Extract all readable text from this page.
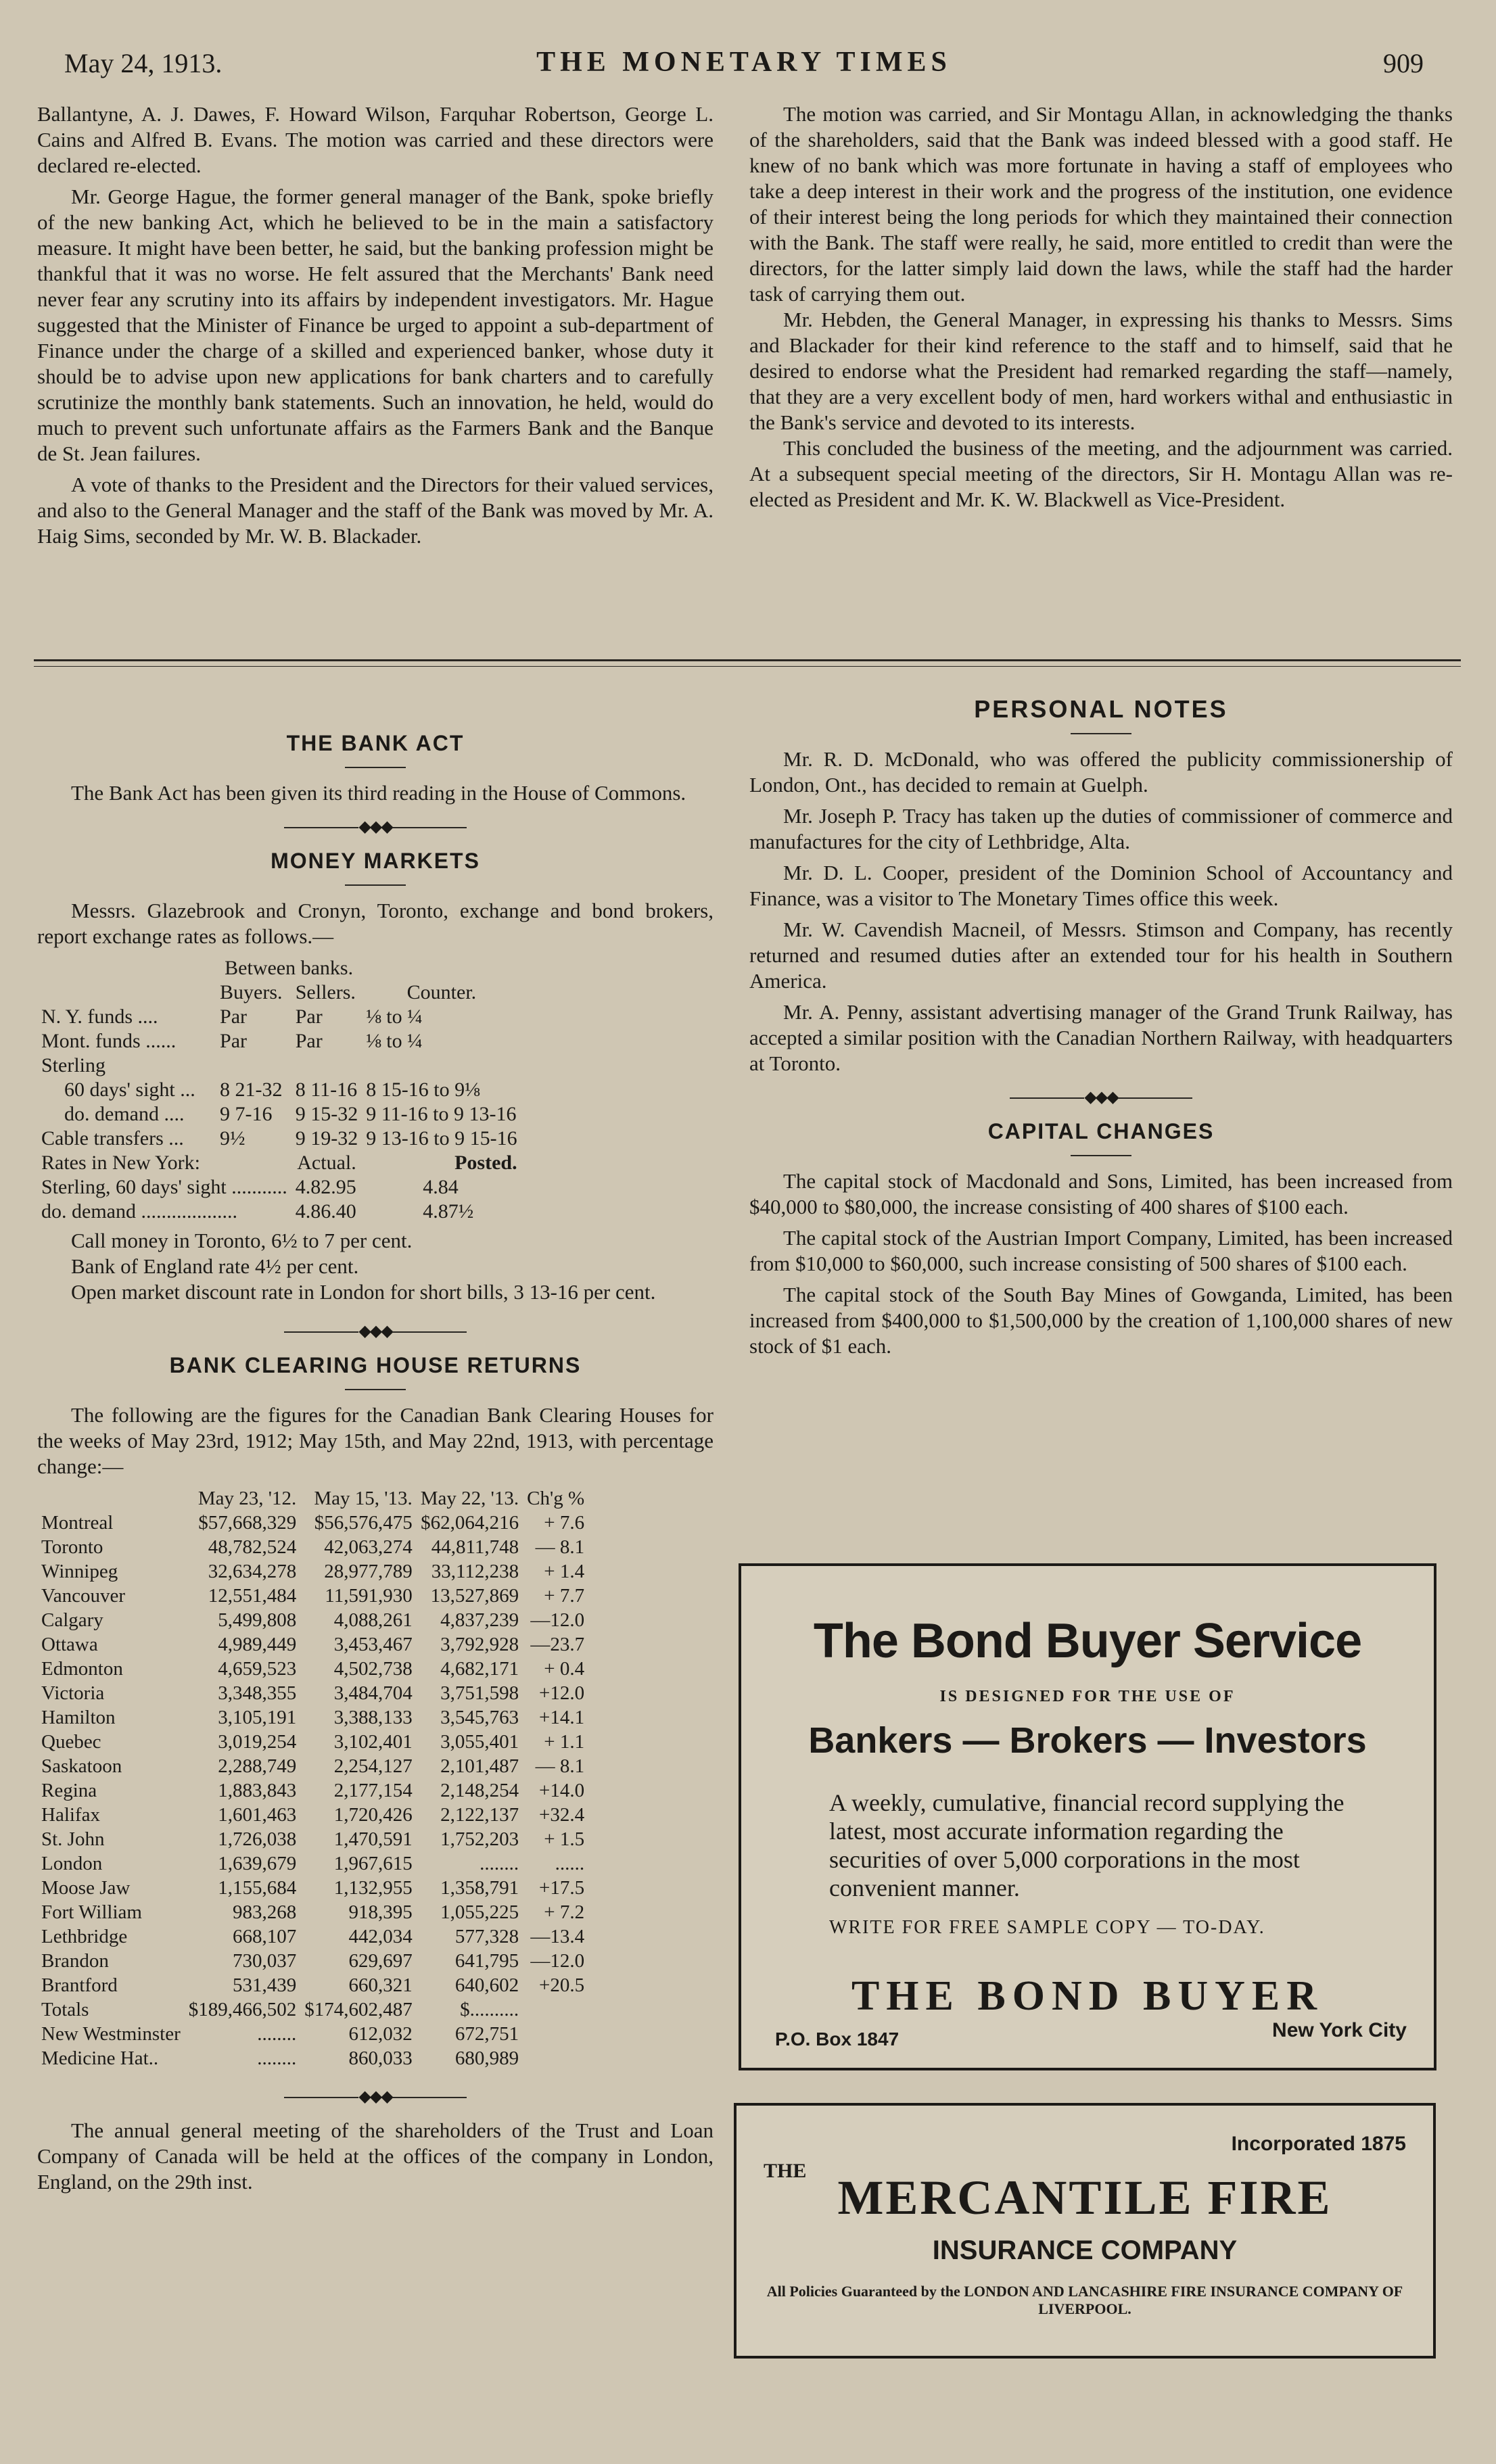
May 24, 1913.	THE MONETARY TIMES	909

Ballantyne, A. J. Dawes, F. Howard Wilson, Farquhar Robertson, George L. Cains and Alfred B. Evans. The motion was carried and these directors were declared re-elected.

Mr. George Hague, the former general manager of the Bank, spoke briefly of the new banking Act, which he believed to be in the main a satisfactory measure. It might have been better, he said, but the banking profession might be thankful that it was no worse. He felt assured that the Merchants' Bank need never fear any scrutiny into its affairs by independent investigators. Mr. Hague suggested that the Minister of Finance be urged to appoint a sub-department of Finance under the charge of a skilled and experienced banker, whose duty it should be to advise upon new applications for bank charters and to carefully scrutinize the monthly bank statements. Such an innovation, he held, would do much to prevent such unfortunate affairs as the Farmers Bank and the Banque de St. Jean failures.

A vote of thanks to the President and the Directors for their valued services, and also to the General Manager and the staff of the Bank was moved by Mr. A. Haig Sims, seconded by Mr. W. B. Blackader.

The motion was carried, and Sir Montagu Allan, in acknowledging the thanks of the shareholders, said that the Bank was indeed blessed with a good staff. He knew of no bank which was more fortunate in having a staff of employees who take a deep interest in their work and the progress of the institution, one evidence of their interest being the long periods for which they maintained their connection with the Bank. The staff were really, he said, more entitled to credit than were the directors, for the latter simply laid down the laws, while the staff had the harder task of carrying them out.

Mr. Hebden, the General Manager, in expressing his thanks to Messrs. Sims and Blackader for their kind reference to the staff and to himself, said that he desired to endorse what the President had remarked regarding the staff—namely, that they are a very excellent body of men, hard workers withal and enthusiastic in the Bank's service and devoted to its interests.

This concluded the business of the meeting, and the adjournment was carried. At a subsequent special meeting of the directors, Sir H. Montagu Allan was re-elected as President and Mr. K. W. Blackwell as Vice-President.

THE BANK ACT

The Bank Act has been given its third reading in the House of Commons.

◆◆◆
MONEY MARKETS

Messrs. Glazebrook and Cronyn, Toronto, exchange and bond brokers, report exchange rates as follows.—

	Between banks.		
	Buyers.	Sellers.	Counter.
N. Y. funds ....	Par	Par	⅛ to ¼
Mont. funds ......	Par	Par	⅛ to ¼
Sterling			
60 days' sight ...	8 21-32	8 11-16	8 15-16 to 9⅛
do. demand ....	9 7-16	9 15-32	9 11-16 to 9 13-16
Cable transfers ...	9½	9 19-32	9 13-16 to 9 15-16
Rates in New York:		Actual.	Posted.
Sterling, 60 days' sight ...........		4.82.95	4.84
do. demand ...................		4.86.40	4.87½

Call money in Toronto, 6½ to 7 per cent.

Bank of England rate 4½ per cent.

Open market discount rate in London for short bills, 3 13-16 per cent.

◆◆◆
BANK CLEARING HOUSE RETURNS

The following are the figures for the Canadian Bank Clearing Houses for the weeks of May 23rd, 1912; May 15th, and May 22nd, 1913, with percentage change:—

	May 23, '12.	May 15, '13.	May 22, '13.	Ch'g %
Montreal	$57,668,329	$56,576,475	$62,064,216	+ 7.6
Toronto	48,782,524	42,063,274	44,811,748	— 8.1
Winnipeg	32,634,278	28,977,789	33,112,238	+ 1.4
Vancouver	12,551,484	11,591,930	13,527,869	+ 7.7
Calgary	5,499,808	4,088,261	4,837,239	—12.0
Ottawa	4,989,449	3,453,467	3,792,928	—23.7
Edmonton	4,659,523	4,502,738	4,682,171	+ 0.4
Victoria	3,348,355	3,484,704	3,751,598	+12.0
Hamilton	3,105,191	3,388,133	3,545,763	+14.1
Quebec	3,019,254	3,102,401	3,055,401	+ 1.1
Saskatoon	2,288,749	2,254,127	2,101,487	— 8.1
Regina	1,883,843	2,177,154	2,148,254	+14.0
Halifax	1,601,463	1,720,426	2,122,137	+32.4
St. John	1,726,038	1,470,591	1,752,203	+ 1.5
London	1,639,679	1,967,615	........	......
Moose Jaw	1,155,684	1,132,955	1,358,791	+17.5
Fort William	983,268	918,395	1,055,225	+ 7.2
Lethbridge	668,107	442,034	577,328	—13.4
Brandon	730,037	629,697	641,795	—12.0
Brantford	531,439	660,321	640,602	+20.5
Totals	$189,466,502	$174,602,487	$..........	
New Westminster	........	612,032	672,751	
Medicine Hat..	........	860,033	680,989	
◆◆◆

The annual general meeting of the shareholders of the Trust and Loan Company of Canada will be held at the offices of the company in London, England, on the 29th inst.

PERSONAL NOTES

Mr. R. D. McDonald, who was offered the publicity commissionership of London, Ont., has decided to remain at Guelph.

Mr. Joseph P. Tracy has taken up the duties of commissioner of commerce and manufactures for the city of Lethbridge, Alta.

Mr. D. L. Cooper, president of the Dominion School of Accountancy and Finance, was a visitor to The Monetary Times office this week.

Mr. W. Cavendish Macneil, of Messrs. Stimson and Company, has recently returned and resumed duties after an extended tour for his health in Southern America.

Mr. A. Penny, assistant advertising manager of the Grand Trunk Railway, has accepted a similar position with the Canadian Northern Railway, with headquarters at Toronto.

◆◆◆
CAPITAL CHANGES

The capital stock of Macdonald and Sons, Limited, has been increased from $40,000 to $80,000, the increase consisting of 400 shares of $100 each.

The capital stock of the Austrian Import Company, Limited, has been increased from $10,000 to $60,000, such increase consisting of 500 shares of $100 each.

The capital stock of the South Bay Mines of Gowganda, Limited, has been increased from $400,000 to $1,500,000 by the creation of 1,100,000 shares of new stock of $1 each.

The Bond Buyer Service
IS DESIGNED FOR THE USE OF
Bankers — Brokers — Investors
A weekly, cumulative, financial record supplying the latest, most accurate information regarding the securities of over 5,000 corporations in the most convenient manner.
WRITE FOR FREE SAMPLE COPY — TO-DAY.
THE BOND BUYER
P.O. Box 1847	New York City
Incorporated 1875
THE MERCANTILE FIRE
INSURANCE COMPANY
All Policies Guaranteed by the LONDON AND LANCASHIRE FIRE INSURANCE COMPANY OF LIVERPOOL.
